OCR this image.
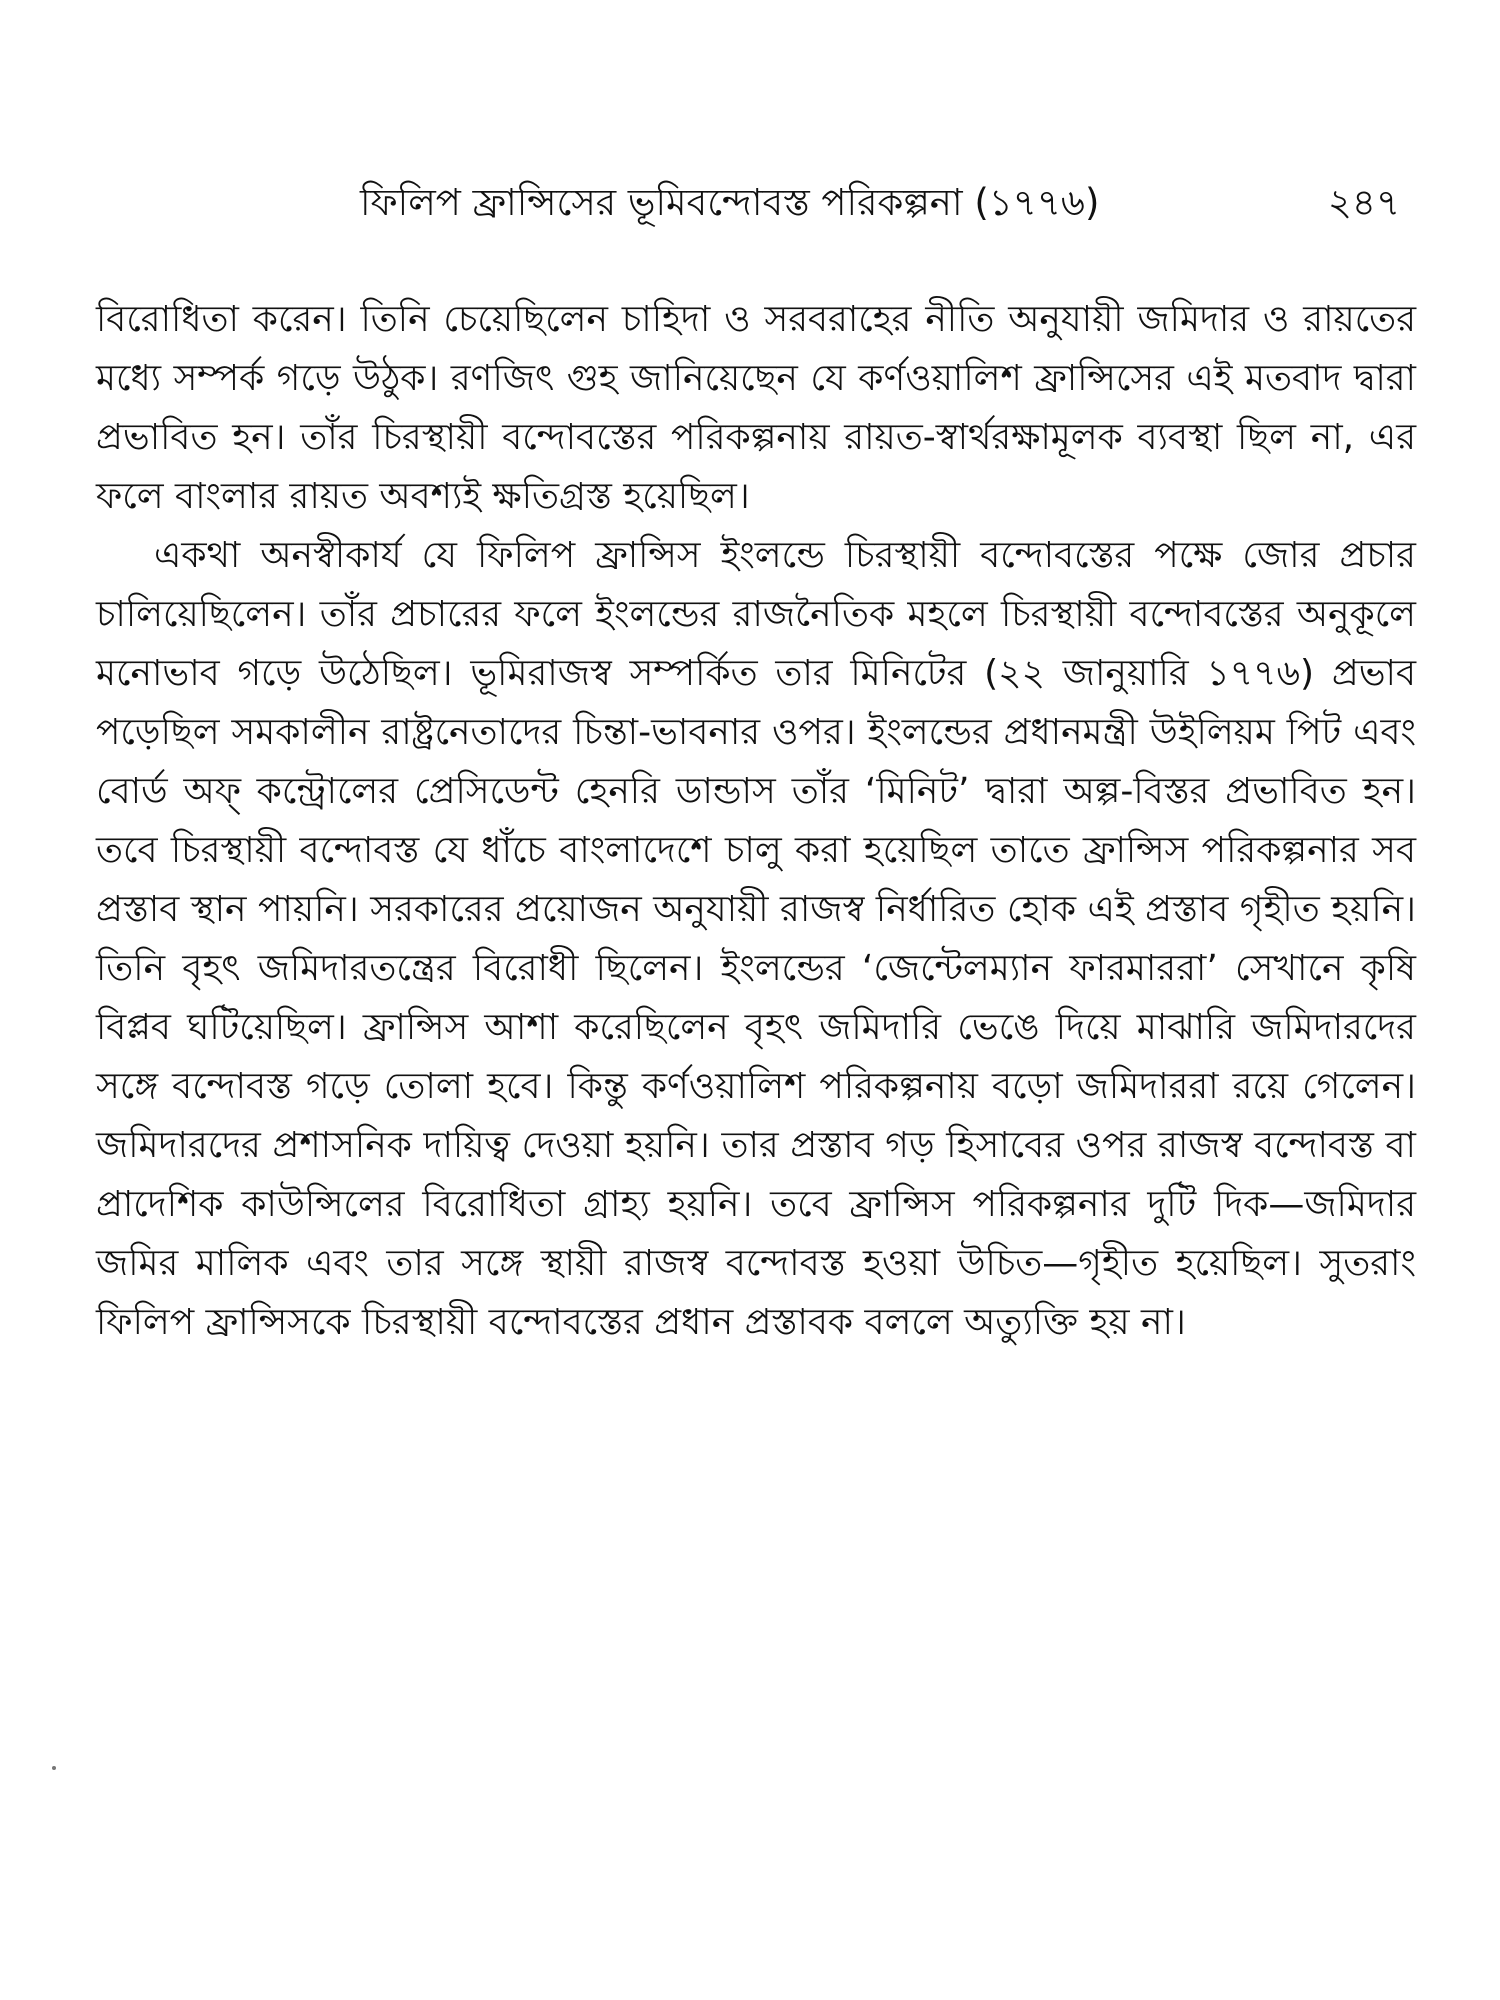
ফিলিপ ফ্রান্সিসের ভূমিবন্দোবস্ত পরিকল্পনা (১৭৭৬)	২৪৭

বিরোধিতা করেন। তিনি চেয়েছিলেন চাহিদা ও সরবরাহের নীতি অনুযায়ী জমিদার ও রায়তের মধ্যে সম্পর্ক গড়ে উঠুক। রণজিৎ গুহ জানিয়েছেন যে কর্ণওয়ালিশ ফ্রান্সিসের এই মতবাদ দ্বারা প্রভাবিত হন। তাঁর চিরস্থায়ী বন্দোবস্তের পরিকল্পনায় রায়ত-স্বার্থরক্ষামূলক ব্যবস্থা ছিল না, এর ফলে বাংলার রায়ত অবশ্যই ক্ষতিগ্রস্ত হয়েছিল।

একথা অনস্বীকার্য যে ফিলিপ ফ্রান্সিস ইংলন্ডে চিরস্থায়ী বন্দোবস্তের পক্ষে জোর প্রচার চালিয়েছিলেন। তাঁর প্রচারের ফলে ইংলন্ডের রাজনৈতিক মহলে চিরস্থায়ী বন্দোবস্তের অনুকূলে মনোভাব গড়ে উঠেছিল। ভূমিরাজস্ব সম্পর্কিত তার মিনিটের (২২ জানুয়ারি ১৭৭৬) প্রভাব পড়েছিল সমকালীন রাষ্ট্রনেতাদের চিন্তা-ভাবনার ওপর। ইংলন্ডের প্রধানমন্ত্রী উইলিয়ম পিট এবং বোর্ড অফ্ কন্ট্রোলের প্রেসিডেন্ট হেনরি ডান্ডাস তাঁর ‘মিনিট’ দ্বারা অল্প-বিস্তর প্রভাবিত হন। তবে চিরস্থায়ী বন্দোবস্ত যে ধাঁচে বাংলাদেশে চালু করা হয়েছিল তাতে ফ্রান্সিস পরিকল্পনার সব প্রস্তাব স্থান পায়নি। সরকারের প্রয়োজন অনুযায়ী রাজস্ব নির্ধারিত হোক এই প্রস্তাব গৃহীত হয়নি। তিনি বৃহৎ জমিদারতন্ত্রের বিরোধী ছিলেন। ইংলন্ডের ‘জেন্টেলম্যান ফারমাররা’ সেখানে কৃষি বিপ্লব ঘটিয়েছিল। ফ্রান্সিস আশা করেছিলেন বৃহৎ জমিদারি ভেঙে দিয়ে মাঝারি জমিদারদের সঙ্গে বন্দোবস্ত গড়ে তোলা হবে। কিন্তু কর্ণওয়ালিশ পরিকল্পনায় বড়ো জমিদাররা রয়ে গেলেন। জমিদারদের প্রশাসনিক দায়িত্ব দেওয়া হয়নি। তার প্রস্তাব গড় হিসাবের ওপর রাজস্ব বন্দোবস্ত বা প্রাদেশিক কাউন্সিলের বিরোধিতা গ্রাহ্য হয়নি। তবে ফ্রান্সিস পরিকল্পনার দুটি দিক—জমিদার জমির মালিক এবং তার সঙ্গে স্থায়ী রাজস্ব বন্দোবস্ত হওয়া উচিত—গৃহীত হয়েছিল। সুতরাং ফিলিপ ফ্রান্সিসকে চিরস্থায়ী বন্দোবস্তের প্রধান প্রস্তাবক বললে অত্যুক্তি হয় না।
